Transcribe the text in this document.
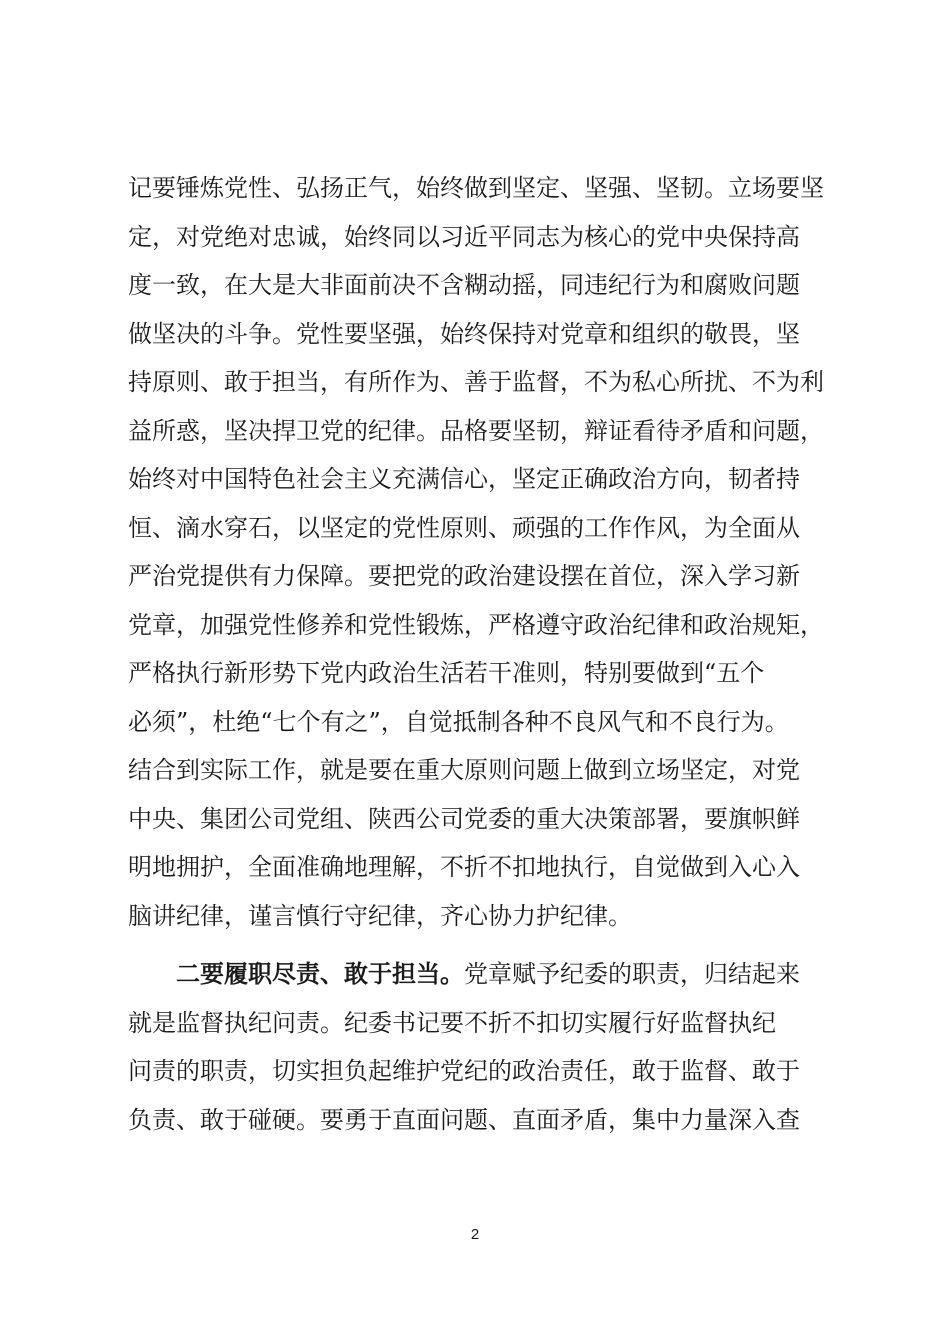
记要锤炼党性、弘扬正气，始终做到坚定、坚强、坚韧。立场要坚
定，对党绝对忠诚，始终同以习近平同志为核心的党中央保持高
度一致，在大是大非面前决不含糊动摇，同违纪行为和腐败问题
做坚决的斗争。党性要坚强，始终保持对党章和组织的敬畏，坚
持原则、敢于担当，有所作为、善于监督，不为私心所扰、不为利
益所惑，坚决捍卫党的纪律。品格要坚韧，辩证看待矛盾和问题，
始终对中国特色社会主义充满信心，坚定正确政治方向，韧者持
恒、滴水穿石，以坚定的党性原则、顽强的工作作风，为全面从
严治党提供有力保障。要把党的政治建设摆在首位，深入学习新
党章，加强党性修养和党性锻炼，严格遵守政治纪律和政治规矩，
严格执行新形势下党内政治生活若干准则，特别要做到“五个
必须”，杜绝“七个有之”，自觉抵制各种不良风气和不良行为。
结合到实际工作，就是要在重大原则问题上做到立场坚定，对党
中央、集团公司党组、陕西公司党委的重大决策部署，要旗帜鲜
明地拥护，全面准确地理解，不折不扣地执行，自觉做到入心入
脑讲纪律，谨言慎行守纪律，齐心协力护纪律。
二要履职尽责、敢于担当。党章赋予纪委的职责，归结起来
就是监督执纪问责。纪委书记要不折不扣切实履行好监督执纪
问责的职责，切实担负起维护党纪的政治责任，敢于监督、敢于
负责、敢于碰硬。要勇于直面问题、直面矛盾，集中力量深入查
2
